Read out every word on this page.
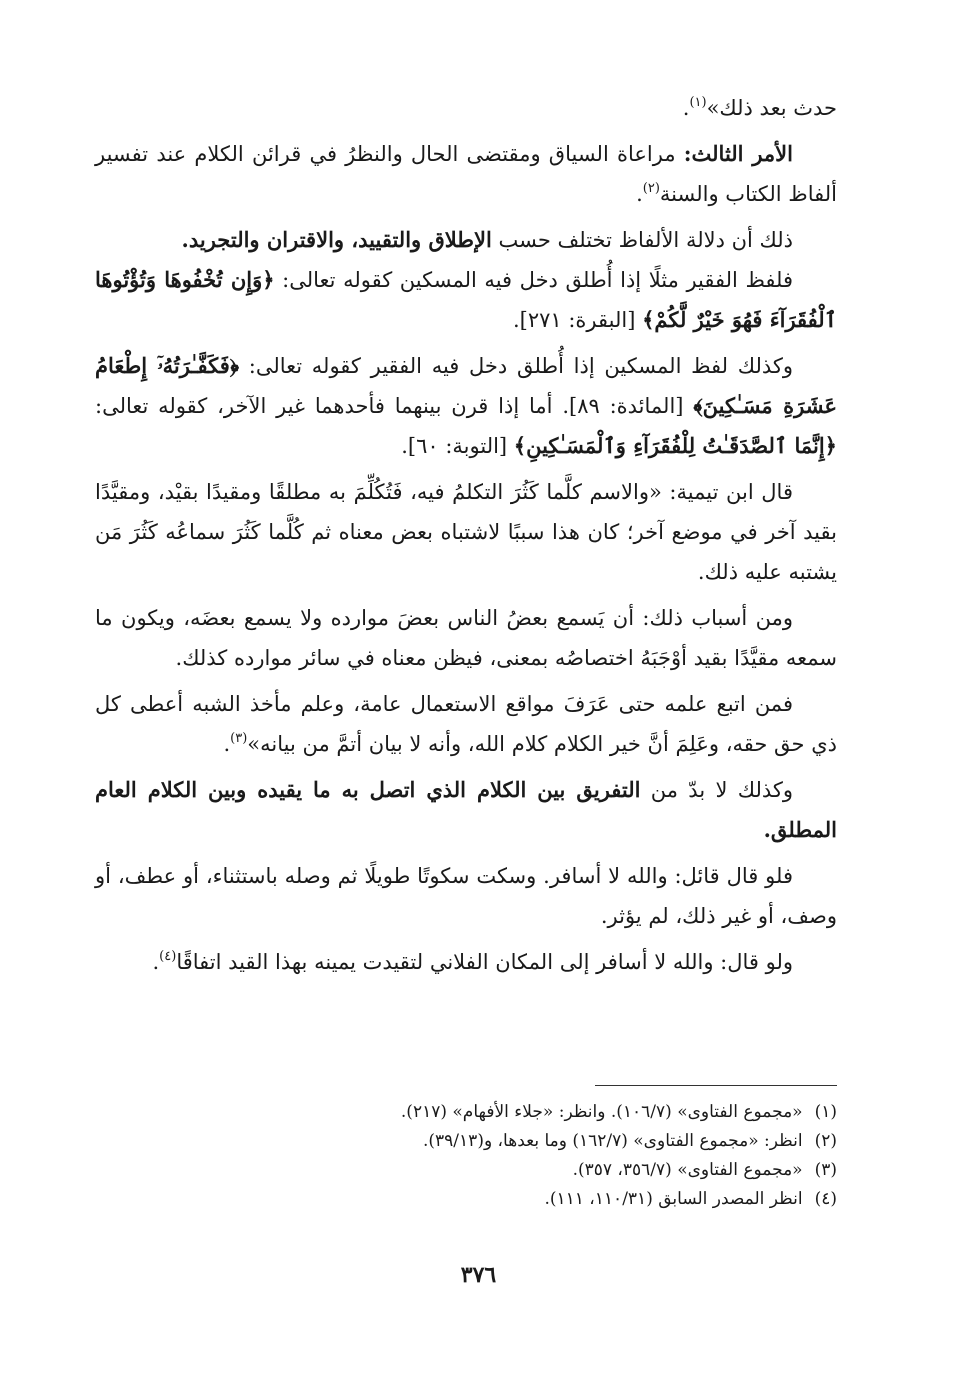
حدث بعد ذلك»$^{(١)}$.

الأمر الثالث: مراعاة السياق ومقتضى الحال والنظرُ في قرائن الكلام عند تفسير ألفاظ الكتاب والسنة$^{(٢)}$.

ذلك أن دلالة الألفاظ تختلف حسب الإطلاق والتقييد، والاقتران والتجريد.

فلفظ الفقير مثلًا إذا أُطلق دخل فيه المسكين كقوله تعالى: ﴿وَإِن تُخْفُوهَا وَتُؤْتُوهَا ٱلْفُقَرَآءَ فَهُوَ خَيْرٌ لَّكُمْ﴾ [البقرة: ٢٧١].

وكذلك لفظ المسكين إذا أُطلق دخل فيه الفقير كقوله تعالى: ﴿فَكَفَّـٰرَتُهُۥٓ إِطْعَامُ عَشَرَةِ مَسَـٰكِينَ﴾ [المائدة: ٨٩]. أما إذا قرن بينهما فأحدهما غير الآخر، كقوله تعالى: ﴿إِنَّمَا ٱلصَّدَقَـٰتُ لِلْفُقَرَآءِ وَٱلْمَسَـٰكِينِ﴾ [التوبة: ٦٠].

قال ابن تيمية: «والاسم كلَّما كَثُرَ التكلمُ فيه، فَتُكُلِّمَ به مطلقًا ومقيدًا بقيْد، ومقيَّدًا بقيد آخر في موضع آخر؛ كان هذا سببًا لاشتباه بعض معناه ثم كُلَّما كَثُرَ سماعُه كَثُرَ مَن يشتبه عليه ذلك.

ومن أسباب ذلك: أن يَسمع بعضُ الناس بعضَ موارده ولا يسمع بعضَه، ويكون ما سمعه مقيَّدًا بقيد أوْجَبَهُ اختصاصُه بمعنى، فيظن معناه في سائر موارده كذلك.

فمن اتبع علمه حتى عَرَفَ مواقع الاستعمال عامة، وعلم مأخذ الشبه أعطى كل ذي حق حقه، وعَلِمَ أنَّ خير الكلام كلام الله، وأنه لا بيان أتمَّ من بيانه»$^{(٣)}$.

وكذلك لا بدّ من التفريق بين الكلام الذي اتصل به ما يقيده وبين الكلام العام المطلق.

فلو قال قائل: والله لا أسافر. وسكت سكوتًا طويلًا ثم وصله باستثناء، أو عطف، أو وصف، أو غير ذلك، لم يؤثر.

ولو قال: والله لا أسافر إلى المكان الفلاني لتقيدت يمينه بهذا القيد اتفاقًا$^{(٤)}$.

(١)«مجموع الفتاوى» (١٠٦/٧). وانظر: «جلاء الأفهام» (٢١٧).
(٢)انظر: «مجموع الفتاوى» (١٦٢/٧) وما بعدها، و(٣٩/١٣).
(٣)«مجموع الفتاوى» (٣٥٦/٧، ٣٥٧).
(٤)انظر المصدر السابق (١١٠/٣١، ١١١).
٣٧٦
